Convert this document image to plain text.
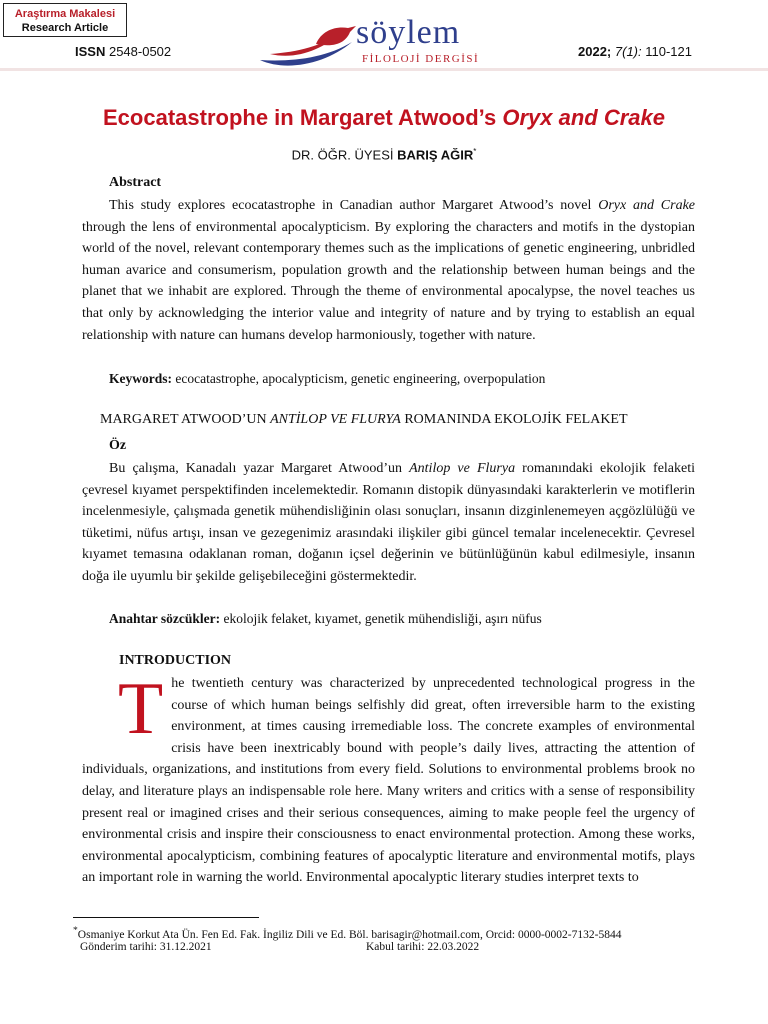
Araştırma Makalesi
Research Article
ISSN 2548-0502
söylem
FİLOLOJİ DERGİSİ	2022; 7(1): 110-121
Ecocatastrophe in Margaret Atwood’s Oryx and Crake
DR. ÖĞR. ÜYESİ BARIŞ AĞIR*
Abstract

This study explores ecocatastrophe in Canadian author Margaret Atwood’s novel Oryx and Crake through the lens of environmental apocalypticism. By exploring the characters and motifs in the dystopian world of the novel, relevant contemporary themes such as the implications of genetic engineering, unbridled human avarice and consumerism, population growth and the relationship between human beings and the planet that we inhabit are explored. Through the theme of environmental apocalypse, the novel teaches us that only by acknowledging the interior value and integrity of nature and by trying to establish an equal relationship with nature can humans develop harmoniously, together with nature.

Keywords: ecocatastrophe, apocalypticism, genetic engineering, overpopulation
MARGARET ATWOOD’UN ANTİLOP VE FLURYA ROMANINDA EKOLOJİK FELAKET
Öz

Bu çalışma, Kanadalı yazar Margaret Atwood’un Antilop ve Flurya romanındaki ekolojik felaketi çevresel kıyamet perspektifinden incelemektedir. Romanın distopik dünyasındaki karakterlerin ve motiflerin incelenmesiyle, çalışmada genetik mühendisliğinin olası sonuçları, insanın dizginlenemeyen açgözlülüğü ve tüketimi, nüfus artışı, insan ve gezegenimiz arasındaki ilişkiler gibi güncel temalar incelenecektir. Çevresel kıyamet temasına odaklanan roman, doğanın içsel değerinin ve bütünlüğünün kabul edilmesiyle, insanın doğa ile uyumlu bir şekilde gelişebileceğini göstermektedir.

Anahtar sözcükler: ekolojik felaket, kıyamet, genetik mühendisliği, aşırı nüfus
INTRODUCTION

The twentieth century was characterized by unprecedented technological progress in the course of which human beings selfishly did great, often irreversible harm to the existing environment, at times causing irremediable loss. The concrete examples of environmental crisis have been inextricably bound with people’s daily lives, attracting the attention of individuals, organizations, and institutions from every field. Solutions to environmental problems brook no delay, and literature plays an indispensable role here. Many writers and critics with a sense of responsibility present real or imagined crises and their serious consequences, aiming to make people feel the urgency of environmental crisis and inspire their consciousness to enact environmental protection. Among these works, environmental apocalypticism, combining features of apocalyptic literature and environmental motifs, plays an important role in warning the world. Environmental apocalyptic literary studies interpret texts to

*Osmaniye Korkut Ata Ün. Fen Ed. Fak. İngiliz Dili ve Ed. Böl. barisagir@hotmail.com, Orcid: 0000-0002-7132-5844
Gönderim tarihi: 31.12.2021	Kabul tarihi: 22.03.2022
